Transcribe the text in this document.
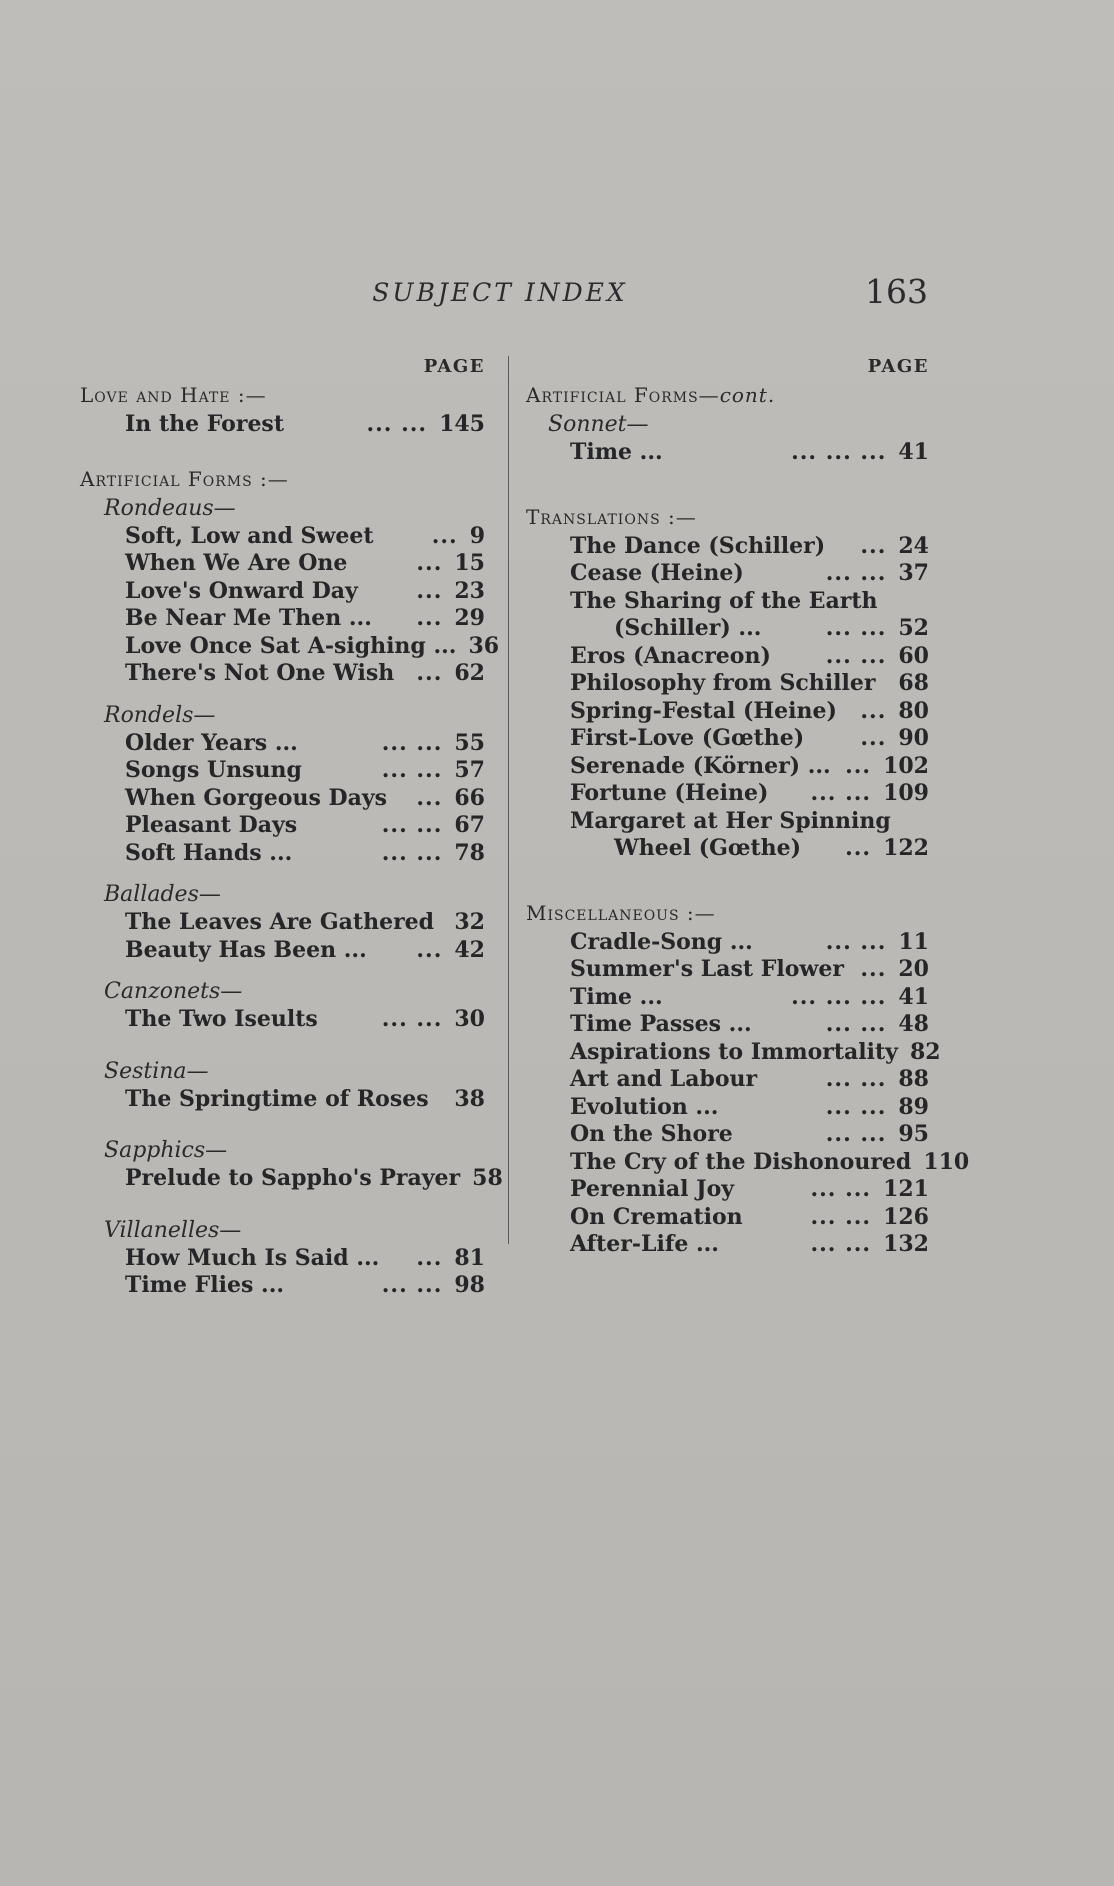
SUBJECT INDEX	163
PAGE
Love and Hate :—
In the Forest	... ... 145
Artificial Forms :—
Rondeaus—
Soft, Low and Sweet	... 9
When We Are One	... 15
Love's Onward Day	... 23
Be Near Me Then ... ... 29
Love Once Sat A-sighing ... 36
There's Not One Wish ... 62
Rondels—
Older Years ...	... ... 55
Songs Unsung	... ... 57
When Gorgeous Days ... 66
Pleasant Days	... ... 67
Soft Hands ...	... ... 78
Ballades—
The Leaves Are Gathered 32
Beauty Has Been ... ... 42
Canzonets—
The Two Iseults	... ... 30
Sestina—
The Springtime of Roses	38
Sapphics—
Prelude to Sappho's Prayer 58
Villanelles—
How Much Is Said ... ... 81
Time Flies ...	... ... 98
PAGE
Artificial Forms—cont.
Sonnet—
Time ...	... ... ... 41
Translations :—
The Dance (Schiller) ... 24
Cease (Heine)	... ... 37
The Sharing of the Earth
(Schiller) ...	... ... 52
Eros (Anacreon) ... ... 60
Philosophy from Schiller	68
Spring-Festal (Heine) ... 80
First-Love (Gœthe)	... 90
Serenade (Körner) ... ... 102
Fortune (Heine) ... ... 109
Margaret at Her Spinning
Wheel (Gœthe) ... 122
Miscellaneous :—
Cradle-Song ...	... ... 11
Summer's Last Flower ... 20
Time ...	... ... ... 41
Time Passes ...	... ... 48
Aspirations to Immortality 82
Art and Labour	... ... 88
Evolution ...	... ... 89
On the Shore	... ... 95
The Cry of the Dishonoured 110
Perennial Joy	... ... 121
On Cremation	... ... 126
After-Life ...	... ... 132
